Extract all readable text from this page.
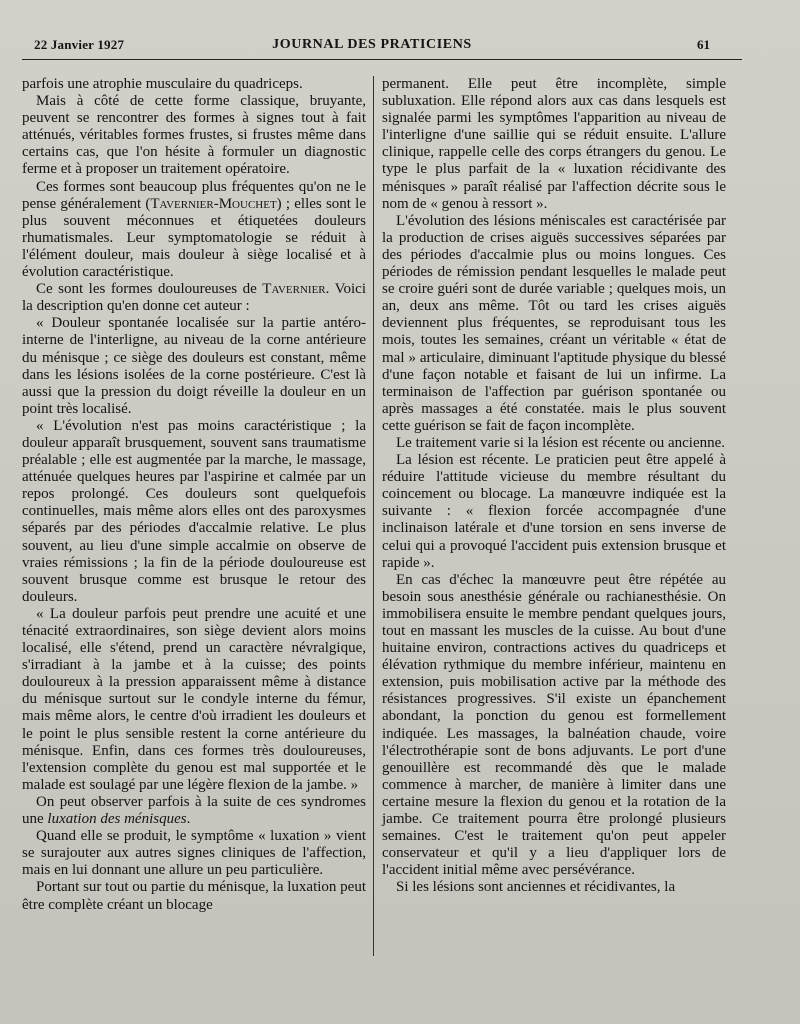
22 Janvier 1927	JOURNAL DES PRATICIENS	61

parfois une atrophie musculaire du quadriceps.

Mais à côté de cette forme classique, bruyante, peuvent se rencontrer des formes à signes tout à fait atténués, véritables formes frustes, si frustes même dans certains cas, que l'on hésite à formuler un diagnostic ferme et à proposer un traitement opératoire.

Ces formes sont beaucoup plus fréquentes qu'on ne le pense généralement (Tavernier-Mouchet) ; elles sont le plus souvent méconnues et étiquetées douleurs rhumatismales. Leur symptomatologie se réduit à l'élément douleur, mais douleur à siège localisé et à évolution caractéristique.

Ce sont les formes douloureuses de Tavernier. Voici la description qu'en donne cet auteur :

« Douleur spontanée localisée sur la partie antéro-interne de l'interligne, au niveau de la corne antérieure du ménisque ; ce siège des douleurs est constant, même dans les lésions isolées de la corne postérieure. C'est là aussi que la pression du doigt réveille la douleur en un point très localisé.

« L'évolution n'est pas moins caractéristique ; la douleur apparaît brusquement, souvent sans traumatisme préalable ; elle est augmentée par la marche, le massage, atténuée quelques heures par l'aspirine et calmée par un repos prolongé. Ces douleurs sont quelquefois continuelles, mais même alors elles ont des paroxysmes séparés par des périodes d'accalmie relative. Le plus souvent, au lieu d'une simple accalmie on observe de vraies rémissions ; la fin de la période douloureuse est souvent brusque comme est brusque le retour des douleurs.

« La douleur parfois peut prendre une acuité et une ténacité extraordinaires, son siège devient alors moins localisé, elle s'étend, prend un caractère névralgique, s'irradiant à la jambe et à la cuisse; des points douloureux à la pression apparaissent même à distance du ménisque surtout sur le condyle interne du fémur, mais même alors, le centre d'où irradient les douleurs et le point le plus sensible restent la corne antérieure du ménisque. Enfin, dans ces formes très douloureuses, l'extension complète du genou est mal supportée et le malade est soulagé par une légère flexion de la jambe. »

On peut observer parfois à la suite de ces syndromes une luxation des ménisques.

Quand elle se produit, le symptôme « luxation » vient se surajouter aux autres signes cliniques de l'affection, mais en lui donnant une allure un peu particulière.

Portant sur tout ou partie du ménisque, la luxation peut être complète créant un blocage

permanent. Elle peut être incomplète, simple subluxation. Elle répond alors aux cas dans lesquels est signalée parmi les symptômes l'apparition au niveau de l'interligne d'une saillie qui se réduit ensuite. L'allure clinique, rappelle celle des corps étrangers du genou. Le type le plus parfait de la « luxation récidivante des ménisques » paraît réalisé par l'affection décrite sous le nom de « genou à ressort ».

L'évolution des lésions méniscales est caractérisée par la production de crises aiguës successives séparées par des périodes d'accalmie plus ou moins longues. Ces périodes de rémission pendant lesquelles le malade peut se croire guéri sont de durée variable ; quelques mois, un an, deux ans même. Tôt ou tard les crises aiguës deviennent plus fréquentes, se reproduisant tous les mois, toutes les semaines, créant un véritable « état de mal » articulaire, diminuant l'aptitude physique du blessé d'une façon notable et faisant de lui un infirme. La terminaison de l'affection par guérison spontanée ou après massages a été constatée. mais le plus souvent cette guérison se fait de façon incomplète.

Le traitement varie si la lésion est récente ou ancienne.

La lésion est récente. Le praticien peut être appelé à réduire l'attitude vicieuse du membre résultant du coincement ou blocage. La manœuvre indiquée est la suivante : « flexion forcée accompagnée d'une inclinaison latérale et d'une torsion en sens inverse de celui qui a provoqué l'accident puis extension brusque et rapide ».

En cas d'échec la manœuvre peut être répétée au besoin sous anesthésie générale ou rachianesthésie. On immobilisera ensuite le membre pendant quelques jours, tout en massant les muscles de la cuisse. Au bout d'une huitaine environ, contractions actives du quadriceps et élévation rythmique du membre inférieur, maintenu en extension, puis mobilisation active par la méthode des résistances progressives. S'il existe un épanchement abondant, la ponction du genou est formellement indiquée. Les massages, la balnéation chaude, voire l'électrothérapie sont de bons adjuvants. Le port d'une genouillère est recommandé dès que le malade commence à marcher, de manière à limiter dans une certaine mesure la flexion du genou et la rotation de la jambe. Ce traitement pourra être prolongé plusieurs semaines. C'est le traitement qu'on peut appeler conservateur et qu'il y a lieu d'appliquer lors de l'accident initial même avec persévérance.

Si les lésions sont anciennes et récidivantes, la
